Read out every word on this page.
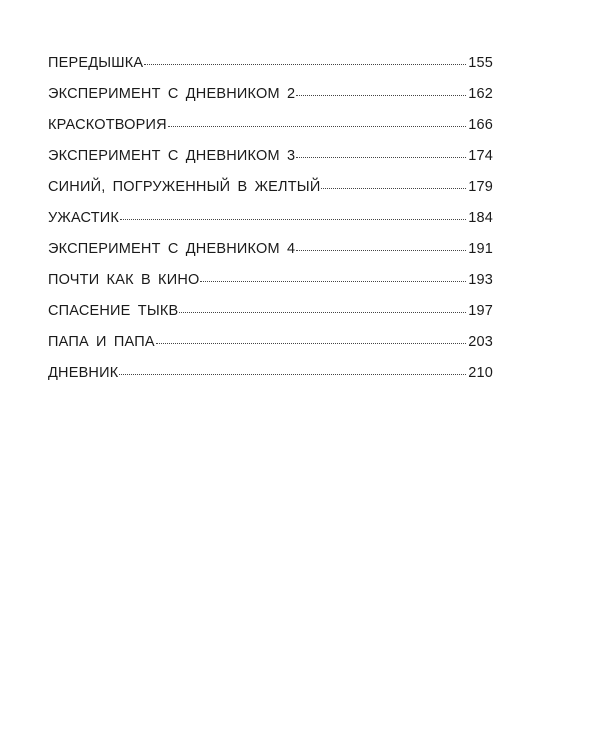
ПЕРЕДЫШКА	155
ЭКСПЕРИМЕНТ С ДНЕВНИКОМ 2	162
КРАСКОТВОРИЯ	166
ЭКСПЕРИМЕНТ С ДНЕВНИКОМ 3	174
СИНИЙ, ПОГРУЖЕННЫЙ В ЖЕЛТЫЙ	179
УЖАСТИК	184
ЭКСПЕРИМЕНТ С ДНЕВНИКОМ 4	191
ПОЧТИ КАК В КИНО	193
СПАСЕНИЕ ТЫКВ	197
ПАПА И ПАПА	203
ДНЕВНИК	210
